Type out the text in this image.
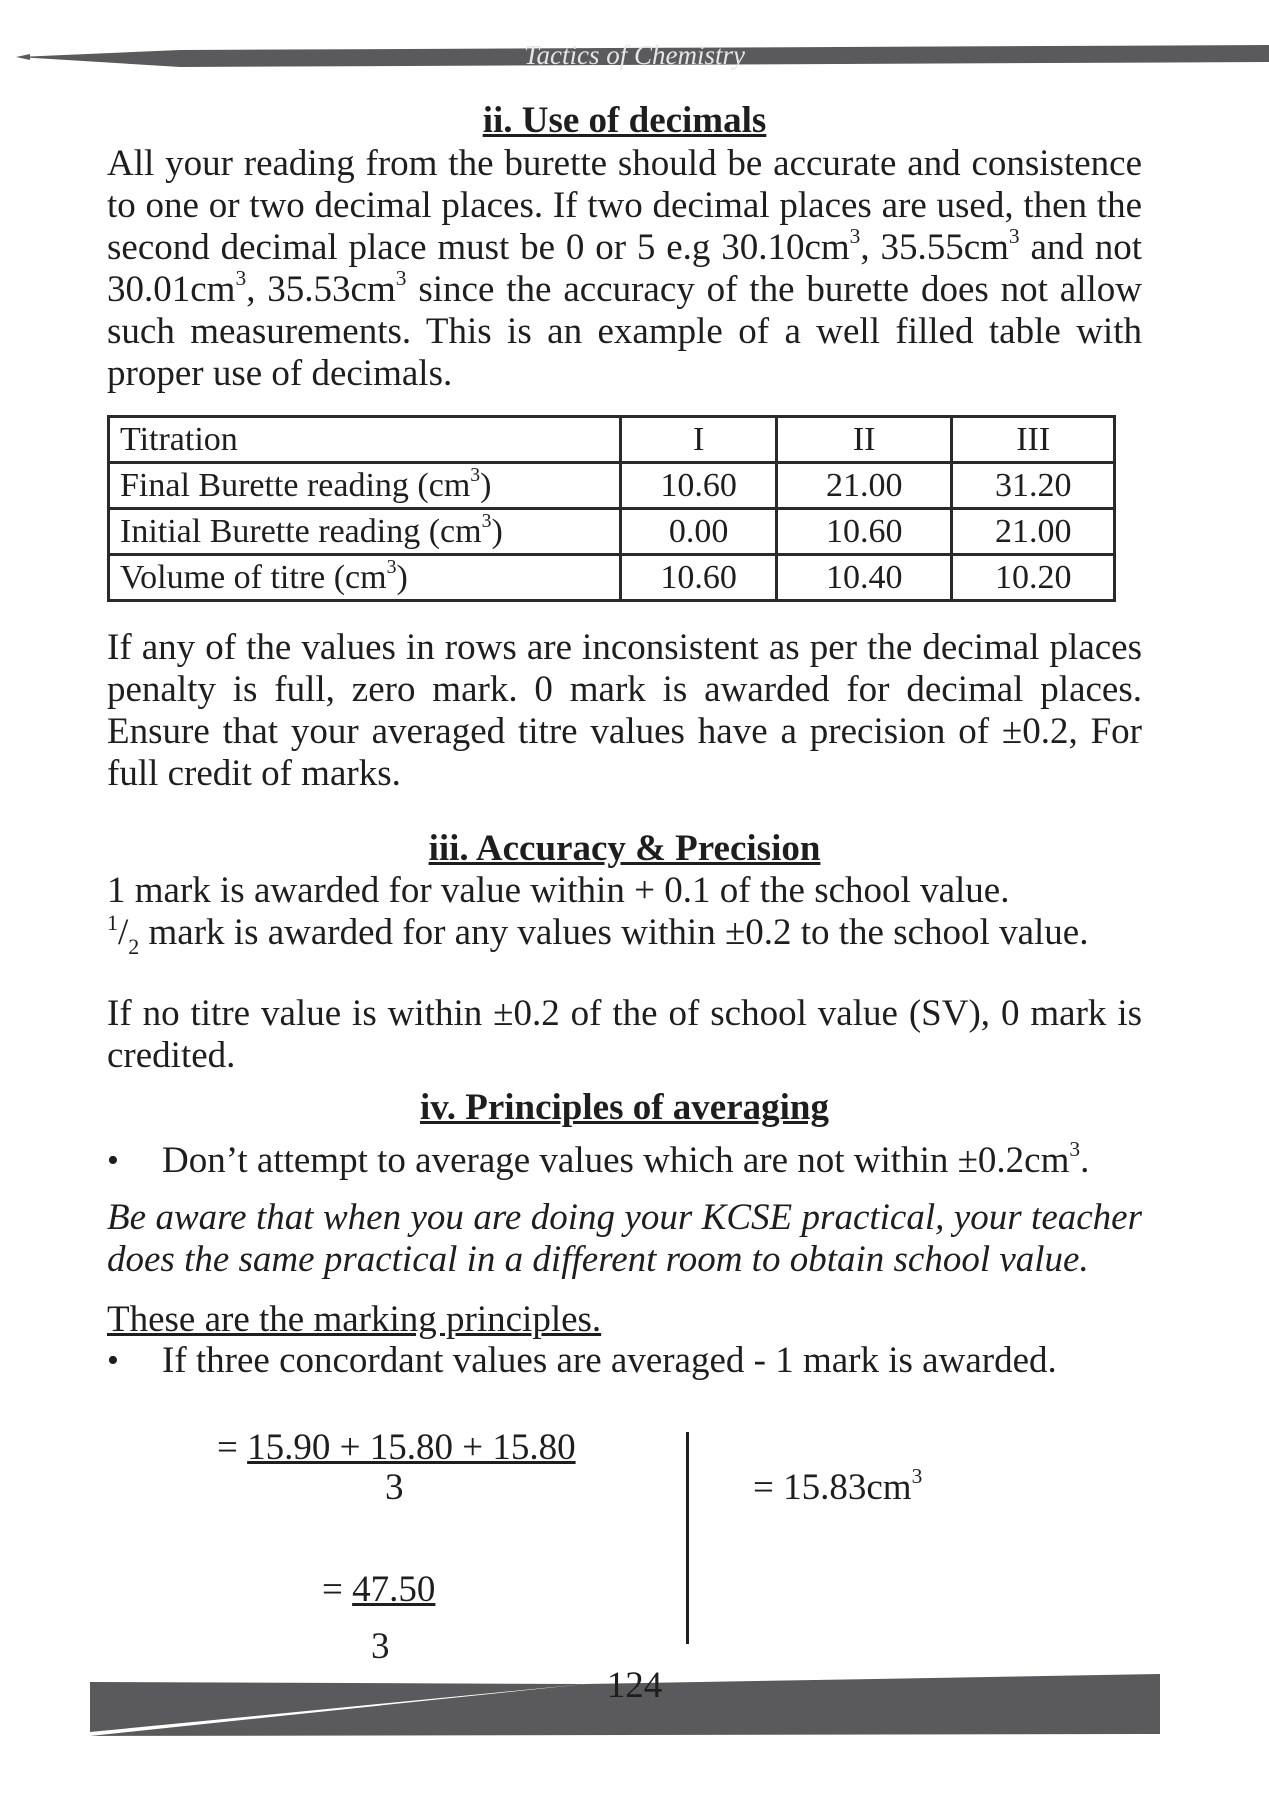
Tactics of Chemistry
ii. Use of decimals

All your reading from the burette should be accurate and consistence to one or two decimal places. If two decimal places are used, then the second decimal place must be 0 or 5 e.g $30.10cm^3$, $35.55cm^3$ and not $30.01cm^3$, $35.53cm^3$ since the accuracy of the burette does not allow such measurements. This is an example of a well filled table with proper use of decimals.

Titration	I	II	III
Final Burette reading $(cm^3)$	10.60	21.00	31.20
Initial Burette reading $(cm^3)$	0.00	10.60	21.00
Volume of titre $(cm^3)$	10.60	10.40	10.20

If any of the values in rows are inconsistent as per the decimal places penalty is full, zero mark. 0 mark is awarded for decimal places. Ensure that your averaged titre values have a precision of ±0.2, For full credit of marks.

iii. Accuracy & Precision
1 mark is awarded for value within + 0.1 of the school value.
$^1/_2$ mark is awarded for any values within ±0.2 to the school value.

If no titre value is within ±0.2 of the of school value (SV), 0 mark is credited.

iv. Principles of averaging
• Don’t attempt to average values which are not within $\pm 0.2cm^3$.

Be aware that when you are doing your KCSE practical, your teacher does the same practical in a different room to obtain school value.

These are the marking principles.
• If three concordant values are averaged - 1 mark is awarded.
= 15.90 + 15.80 + 15.80
3	= $15.83cm^3$
= 47.50
3
124
